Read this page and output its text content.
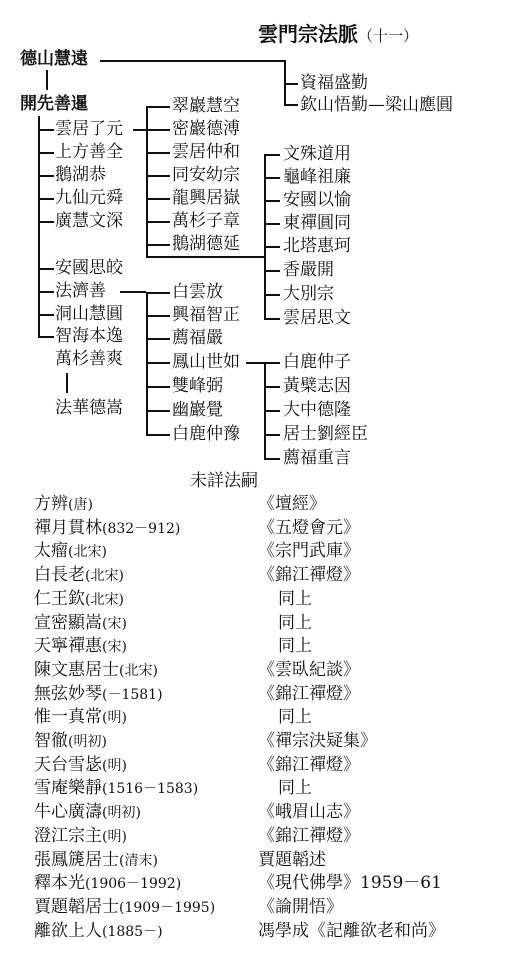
雲門宗法脈（十一）
德山慧遠
資福盛勤
欽山悟勤—梁山應圓
開先善暹
雲居了元
上方善全
鵝湖恭
九仙元舜
廣慧文深
安國思皎
法濟善
洞山慧圓
智海本逸
萬杉善爽
法華德嵩
翠巖慧空
密巖德溥
雲居仲和
同安幼宗
龍興居嶽
萬杉子章
鵝湖德延
文殊道用
龜峰祖廉
安國以愉
東禪圓同
北塔惠珂
香嚴開
大別宗
雲居思文
白雲放
興福智正
薦福嚴
鳳山世如
雙峰弼
幽巖覺
白鹿仲豫
白鹿仲子
黃檗志因
大中德隆
居士劉經臣
薦福重言
未詳法嗣
方辨(唐)	《壇經》
禪月貫林(832－912)	《五燈會元》
太瘤(北宋)	《宗門武庫》
白長老(北宋)	《錦江禪燈》
仁王欽(北宋)	同上
宣密顯嵩(宋)	同上
天寧禪惠(宋)	同上
陳文惠居士(北宋)	《雲臥紀談》
無弦妙琴(－1581)	《錦江禪燈》
惟一真常(明)	同上
智徹(明初)	《禪宗決疑集》
天台雪毖(明)	《錦江禪燈》
雪庵樂靜(1516－1583)	同上
牛心廣濤(明初)	《峨眉山志》
澄江宗主(明)	《錦江禪燈》
張鳳篪居士(清末)	賈題韜述
釋本光(1906－1992)	《現代佛學》1959－61
賈題韜居士(1909－1995)	《論開悟》
離欲上人(1885－)	馮學成《記離欲老和尚》
